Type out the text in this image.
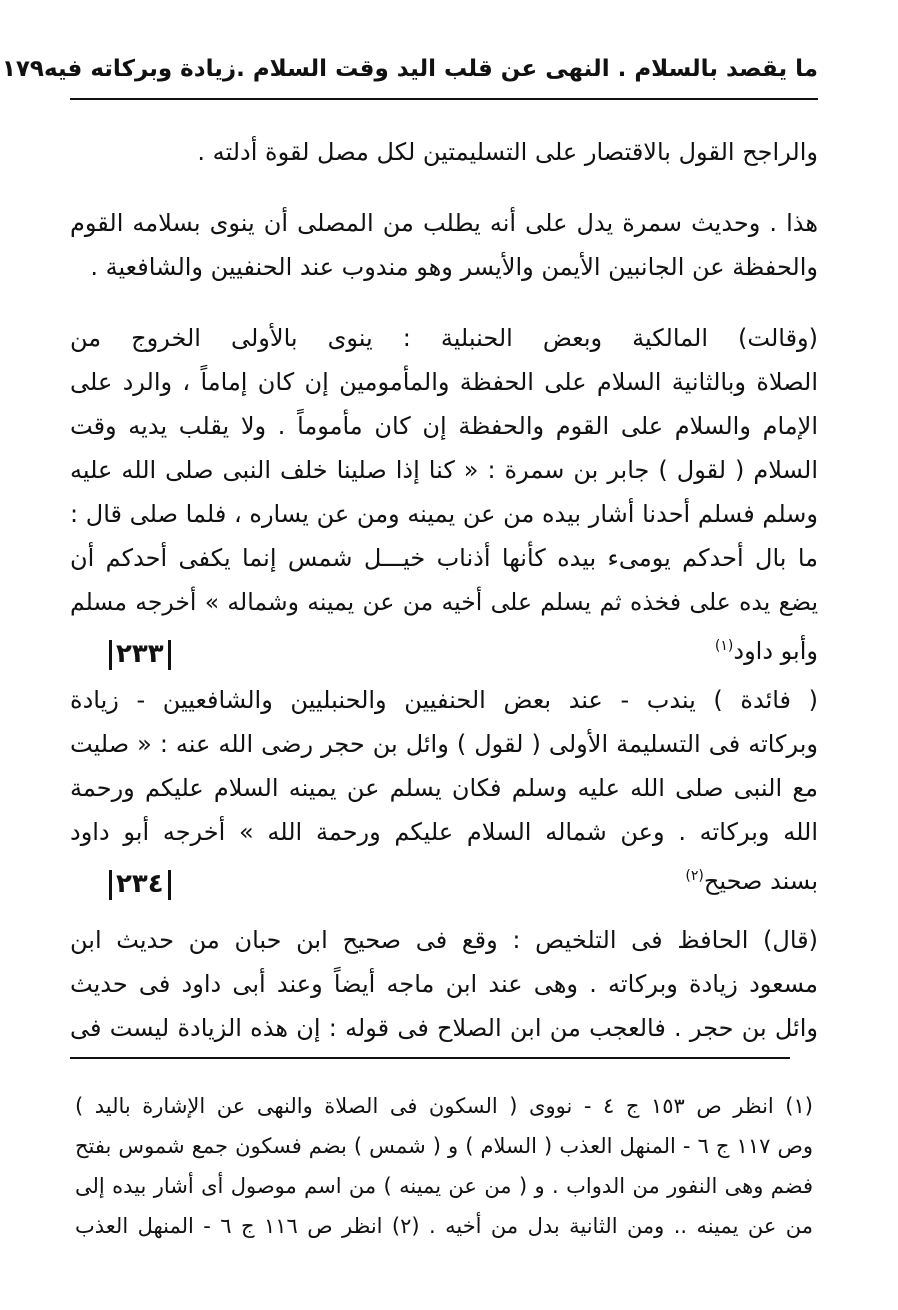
ما يقصد بالسلام . النهى عن قلب اليد وقت السلام .زيادة وبركاته فيه
١٧٩
والراجح القول بالاقتصار على التسليمتين لكل مصل لقوة أدلته .
هذا . وحديث سمرة يدل على أنه يطلب من المصلى أن ينوى بسلامه القوم
والحفظة عن الجانبين الأيمن والأيسر وهو مندوب عند الحنفيين والشافعية .
(وقالت) المالكية وبعض الحنبلية : ينوى بالأولى الخروج من
الصلاة وبالثانية السلام على الحفظة والمأمومين إن كان إماماً ، والرد على
الإمام والسلام على القوم والحفظة إن كان مأموماً . ولا يقلب يديه وقت
السلام ( لقول ) جابر بن سمرة : « كنا إذا صلينا خلف النبى صلى الله عليه
وسلم فسلم أحدنا أشار بيده من عن يمينه ومن عن يساره ، فلما صلى قال :
ما بال أحدكم يومىء بيده كأنها أذناب خيـــل شمس إنما يكفى أحدكم أن
يضع يده على فخذه ثم يسلم على أخيه من عن يمينه وشماله » أخرجه مسلم
وأبو داود$^{(١)}$
٢٣٣
( فائدة ) يندب - عند بعض الحنفيين والحنبليين والشافعيين - زيادة
وبركاته فى التسليمة الأولى ( لقول ) وائل بن حجر رضى الله عنه : « صليت
مع النبى صلى الله عليه وسلم فكان يسلم عن يمينه السلام عليكم ورحمة
الله وبركاته . وعن شماله السلام عليكم ورحمة الله » أخرجه أبو داود
بسند صحيح$^{(٢)}$
٢٣٤
(قال) الحافظ فى التلخيص : وقع فى صحيح ابن حبان من حديث ابن
مسعود زيادة وبركاته . وهى عند ابن ماجه أيضاً وعند أبى داود فى حديث
وائل بن حجر . فالعجب من ابن الصلاح فى قوله : إن هذه الزيادة ليست فى
(١) انظر ص ١٥٣ ج ٤ - نووى ( السكون فى الصلاة والنهى عن الإشارة باليد )
وص ١١٧ ج ٦ - المنهل العذب ( السلام ) و ( شمس ) بضم فسكون جمع شموس بفتح
فضم وهى النفور من الدواب . و ( من عن يمينه ) من اسم موصول أى أشار بيده إلى
من عن يمينه .. ومن الثانية بدل من أخيه . (٢) انظر ص ١١٦ ج ٦ - المنهل العذب
